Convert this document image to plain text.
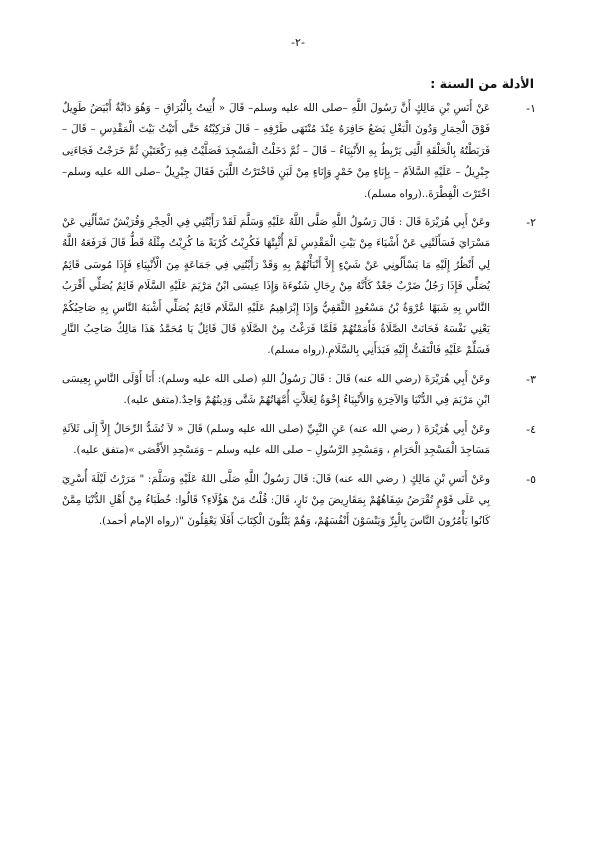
-٢-
الأدلة من السنة :
١-
عَنْ أَنَسِ بْنِ مَالِكٍ أَنَّ رَسُولَ اللَّهِ –صلى الله عليه وسلم– قَالَ « أُتِيتُ بِالْبُرَاقِ – وَهُوَ دَابَّةٌ أَبْيَضُ طَوِيلٌ فَوْقَ الْحِمَارِ وَدُونَ الْبَغْلِ يَضَعُ حَافِرَهُ عِنْدَ مُنْتَهَى طَرْفِهِ – قَالَ فَرَكِبْتُهُ حَتَّى أَتَيْتُ بَيْتَ الْمَقْدِسِ – قَالَ – فَرَبَطْتُهُ بِالْحَلْقَةِ الَّتِى يَرْبِطُ بِهِ الأَنْبِيَاءُ – قَالَ – ثُمَّ دَخَلْتُ الْمَسْجِدَ فَصَلَّيْتُ فِيهِ رَكْعَتَيْنِ ثُمَّ خَرَجْتُ فَجَاءَنِى جِبْرِيلُ – عَلَيْهِ السَّلاَمُ – بِإِنَاءٍ مِنْ خَمْرٍ وَإِنَاءٍ مِنْ لَبَنٍ فَاخْتَرْتُ اللَّبَنَ فَقَالَ جِبْرِيلُ –صلى الله عليه وسلم– اخْتَرْتَ الْفِطْرَةَ..(رواه مسلم).
٢-
وعَنْ أَبِي هُرَيْرَةَ قَالَ : قَالَ رَسُولُ اللَّهِ صَلَّى اللَّهُ عَلَيْهِ وَسَلَّمَ لَقَدْ رَأَيْتُنِي فِي الْحِجْرِ وَقُرَيْشٌ تَسْأَلُنِي عَنْ مَسْرَايَ فَسَأَلَتْنِي عَنْ أَشْيَاءَ مِنْ بَيْتِ الْمَقْدِسِ لَمْ أُثْبِتْهَا فَكُرِبْتُ كُرْبَةً مَا كُرِبْتُ مِثْلَهُ قَطُّ قَالَ فَرَفَعَهُ اللَّهُ لِي أَنْظُرُ إِلَيْهِ مَا يَسْأَلُونِي عَنْ شَيْءٍ إِلاَّ أَنْبَأْتُهُمْ بِهِ وَقَدْ رَأَيْتُنِي فِي جَمَاعَةٍ مِنَ الْأَنْبِيَاءِ فَإِذَا مُوسَى قَائِمٌ يُصَلِّي فَإِذَا رَجُلٌ ضَرْبٌ جَعْدٌ كَأَنَّهُ مِنْ رِجَالِ شَنُوءَةَ وَإِذَا عِيسَى ابْنُ مَرْيَمَ عَلَيْهِ السَّلَام قَائِمٌ يُصَلِّي أَقْرَبُ النَّاسِ بِهِ شَبَهًا عُرْوَةُ بْنُ مَسْعُودٍ الثَّقَفِيُّ وَإِذَا إِبْرَاهِيمُ عَلَيْهِ السَّلَام قَائِمٌ يُصَلِّي أَشْبَهُ النَّاسِ بِهِ صَاحِبُكُمْ يَعْنِي نَفْسَهُ فَحَانَتْ الصَّلَاةُ فَأَمَمْتُهُمْ فَلَمَّا فَرَغْتُ مِنْ الصَّلَاةِ قَالَ قَائِلٌ يَا مُحَمَّدُ هَذَا مَالِكٌ صَاحِبُ النَّارِ فَسَلِّمْ عَلَيْهِ فَالْتَفَتُّ إِلَيْهِ فَبَدَأَنِي بِالسَّلَامِ.(رواه مسلم).
٣-
وعَنْ أَبِي هُرَيْرَةَ (رضي الله عنه) قَالَ : قَالَ رَسُولُ اللهِ (صلى الله عليه وسلم): أَنَا أَوْلَى النَّاسِ بِعِيسَى ابْنِ مَرْيَمَ فِي الدُّنْيَا وَالآخِرَةِ وَالأَنْبِيَاءُ إِخْوَةٌ لِعَلاَّتٍ أُمَّهَاتُهُمْ شَتَّى وَدِينُهُمْ وَاحِدٌ.(متفق عليه).
٤-
وعَنْ أَبِي هُرَيْرَةَ ( رضي الله عنه) عَنِ النَّبِيِّ (صلى الله عليه وسلم) قَالَ « لاَ تُشَدُّ الرِّحَالُ إِلاَّ إِلَى ثَلاَثَةِ مَسَاجِدَ الْمَسْجِدِ الْحَرَامِ ، وَمَسْجِدِ الرَّسُولِ – صلى الله عليه وسلم – وَمَسْجِدِ الأَقْصَى »(متفق عليه).
٥-
وعَنْ أَنَسِ بْنِ مَالِكٍ ( رضي الله عنه) قَالَ: قَالَ رَسُولُ اللَّهِ صَلَّى اللهُ عَلَيْهِ وَسَلَّمَ: " مَرَرْتُ لَيْلَةَ أُسْرِيَ بِي عَلَى قَوْمٍ تُقْرَضُ شِفَاهُهُمْ بِمَقَارِيضَ مِنْ نَارٍ، قَالَ: قُلْتُ مَنْ هَؤُلَاءِ؟ قَالُوا: خُطَبَاءُ مِنْ أَهْلِ الدُّنْيَا مِمَّنْ كَانُوا يَأْمُرُونَ النَّاسَ بِالْبِرِّ وَيَنْسَوْنَ أَنْفُسَهُمْ، وَهُمْ يَتْلُونَ الْكِتَابَ أَفَلَا يَعْقِلُونَ "(رواه الإمام أحمد).
